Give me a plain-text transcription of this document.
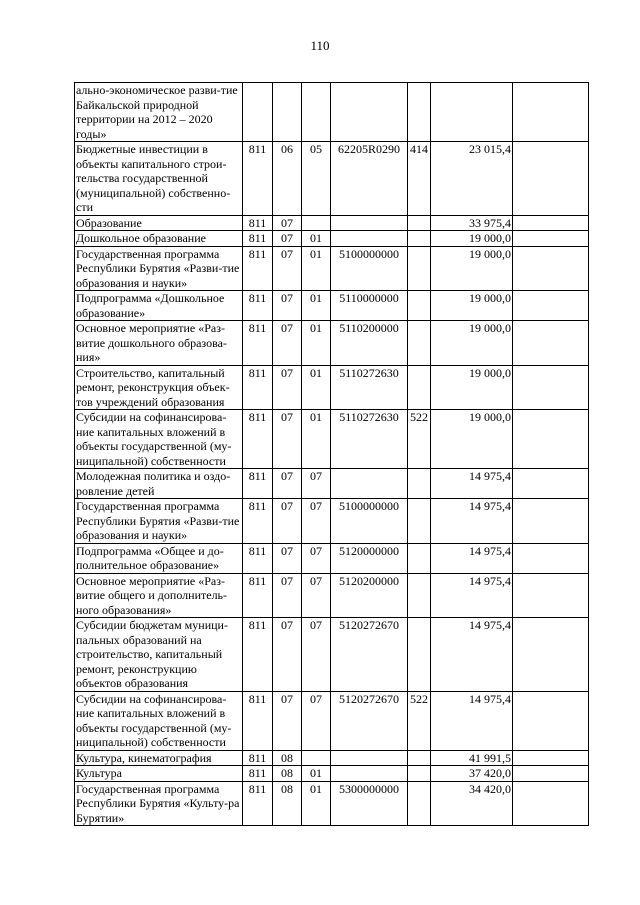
110
ально-экономическое разви-тие Байкальской природной территории на 2012 – 2020 годы»							
Бюджетные инвестиции в объекты капитального строи-тельства государственной (муниципальной) собственно-сти	811	06	05	62205R0290	414	23 015,4	
Образование	811	07				33 975,4	
Дошкольное образование	811	07	01			19 000,0	
Государственная программа Республики Бурятия «Разви-тие образования и науки»	811	07	01	5100000000		19 000,0	
Подпрограмма «Дошкольное образование»	811	07	01	5110000000		19 000,0	
Основное мероприятие «Раз-витие дошкольного образова-ния»	811	07	01	5110200000		19 000,0	
Строительство, капитальный ремонт, реконструкция объек-тов учреждений образования	811	07	01	5110272630		19 000,0	
Субсидии на софинансирова-ние капитальных вложений в объекты государственной (му-ниципальной) собственности	811	07	01	5110272630	522	19 000,0	
Молодежная политика и оздо-ровление детей	811	07	07			14 975,4	
Государственная программа Республики Бурятия «Разви-тие образования и науки»	811	07	07	5100000000		14 975,4	
Подпрограмма «Общее и до-полнительное образование»	811	07	07	5120000000		14 975,4	
Основное мероприятие «Раз-витие общего и дополнитель-ного образования»	811	07	07	5120200000		14 975,4	
Субсидии бюджетам муници-пальных образований на строительство, капитальный ремонт, реконструкцию объектов образования	811	07	07	5120272670		14 975,4	
Субсидии на софинансирова-ние капитальных вложений в объекты государственной (му-ниципальной) собственности	811	07	07	5120272670	522	14 975,4	
Культура, кинематография	811	08				41 991,5	
Культура	811	08	01			37 420,0	
Государственная программа Республики Бурятия «Культу-ра Бурятии»	811	08	01	5300000000		34 420,0	
